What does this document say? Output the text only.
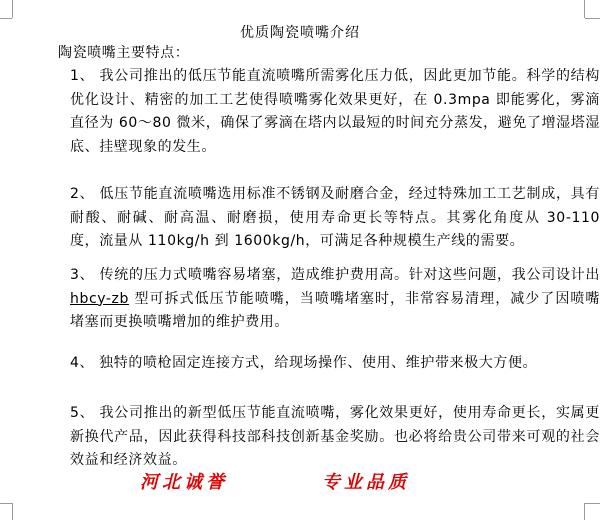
优质陶瓷喷嘴介绍
陶瓷喷嘴主要特点：
1、 我公司推出的低压节能直流喷嘴所需雾化压力低，因此更加节能。科学的结构优化设计、精密的加工工艺使得喷嘴雾化效果更好，在 0.3mpa 即能雾化，雾滴直径为 60～80 微米，确保了雾滴在塔内以最短的时间充分蒸发，避免了增湿塔湿底、挂壁现象的发生。
2、 低压节能直流喷嘴选用标准不锈钢及耐磨合金，经过特殊加工工艺制成，具有耐酸、耐碱、耐高温、耐磨损，使用寿命更长等特点。其雾化角度从 30-110 度，流量从 110kg/h 到 1600kg/h，可满足各种规模生产线的需要。
3、 传统的压力式喷嘴容易堵塞，造成维护费用高。针对这些问题，我公司设计出 hbcy-zb 型可拆式低压节能喷嘴，当喷嘴堵塞时，非常容易清理，减少了因喷嘴堵塞而更换喷嘴增加的维护费用。
4、 独特的喷枪固定连接方式，给现场操作、使用、维护带来极大方便。
5、 我公司推出的新型低压节能直流喷嘴，雾化效果更好，使用寿命更长，实属更新换代产品，因此获得科技部科技创新基金奖励。也必将给贵公司带来可观的社会效益和经济效益。
河北诚誉	专业品质
